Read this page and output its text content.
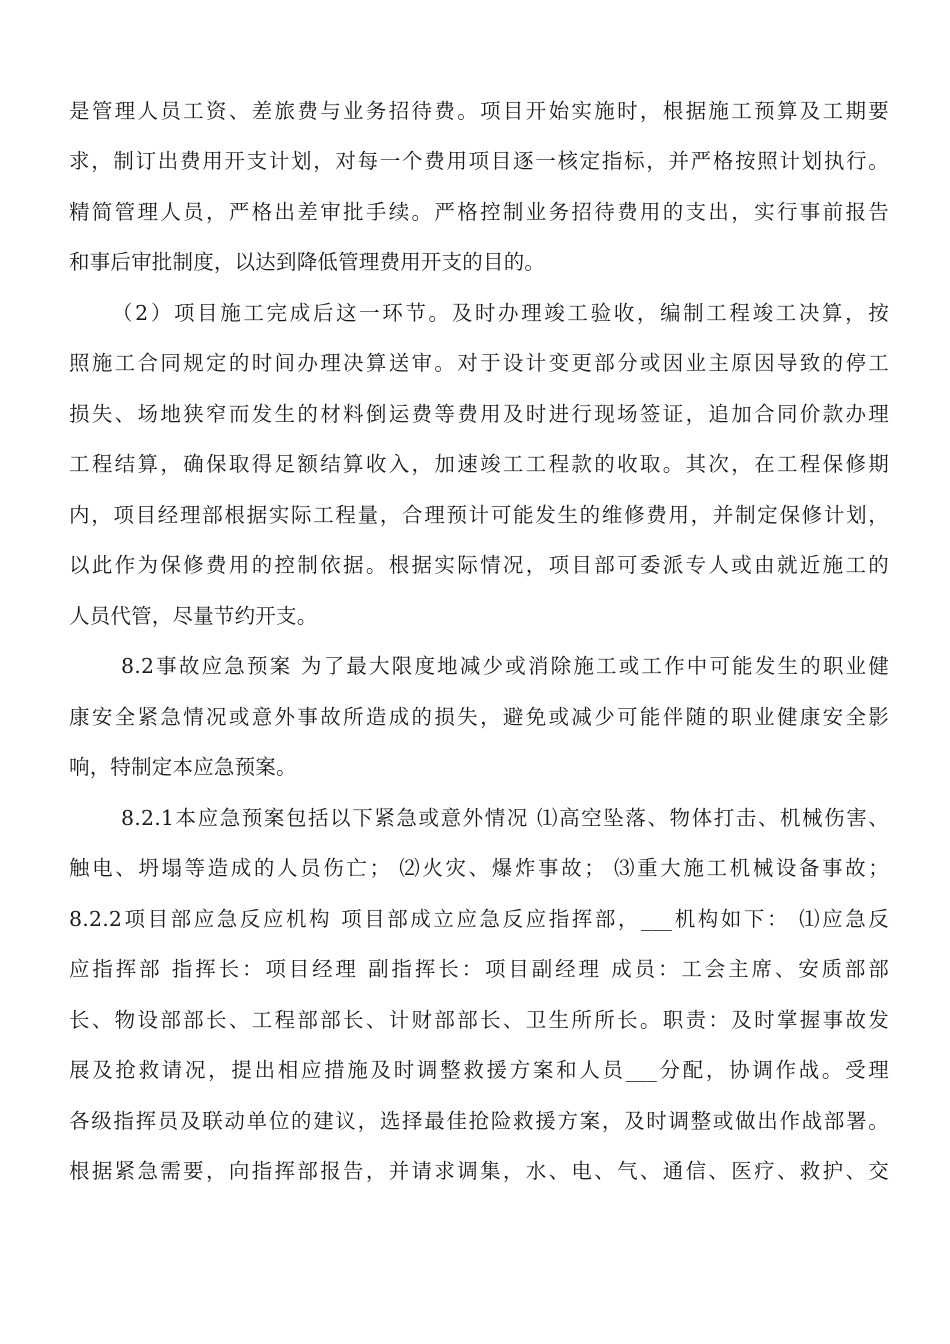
是管理人员工资、差旅费与业务招待费。项目开始实施时，根据施工预算及工期要
求，制订出费用开支计划，对每一个费用项目逐一核定指标，并严格按照计划执行。
精简管理人员，严格出差审批手续。严格控制业务招待费用的支出，实行事前报告
和事后审批制度，以达到降低管理费用开支的目的。
（2）项目施工完成后这一环节。及时办理竣工验收，编制工程竣工决算，按
照施工合同规定的时间办理决算送审。对于设计变更部分或因业主原因导致的停工
损失、场地狭窄而发生的材料倒运费等费用及时进行现场签证，追加合同价款办理
工程结算，确保取得足额结算收入，加速竣工工程款的收取。其次，在工程保修期
内，项目经理部根据实际工程量，合理预计可能发生的维修费用，并制定保修计划，
以此作为保修费用的控制依据。根据实际情况，项目部可委派专人或由就近施工的
人员代管，尽量节约开支。
8.2事故应急预案 为了最大限度地减少或消除施工或工作中可能发生的职业健
康安全紧急情况或意外事故所造成的损失，避免或减少可能伴随的职业健康安全影
响，特制定本应急预案。
8.2.1本应急预案包括以下紧急或意外情况 ⑴高空坠落、物体打击、机械伤害、
触电、坍塌等造成的人员伤亡； ⑵火灾、爆炸事故； ⑶重大施工机械设备事故；
8.2.2项目部应急反应机构 项目部成立应急反应指挥部，___机构如下： ⑴应急反
应指挥部 指挥长：项目经理 副指挥长：项目副经理 成员：工会主席、安质部部
长、物设部部长、工程部部长、计财部部长、卫生所所长。职责：及时掌握事故发
展及抢救请况，提出相应措施及时调整救援方案和人员___分配，协调作战。受理
各级指挥员及联动单位的建议，选择最佳抢险救援方案，及时调整或做出作战部署。
根据紧急需要，向指挥部报告，并请求调集，水、电、气、通信、医疗、救护、交
